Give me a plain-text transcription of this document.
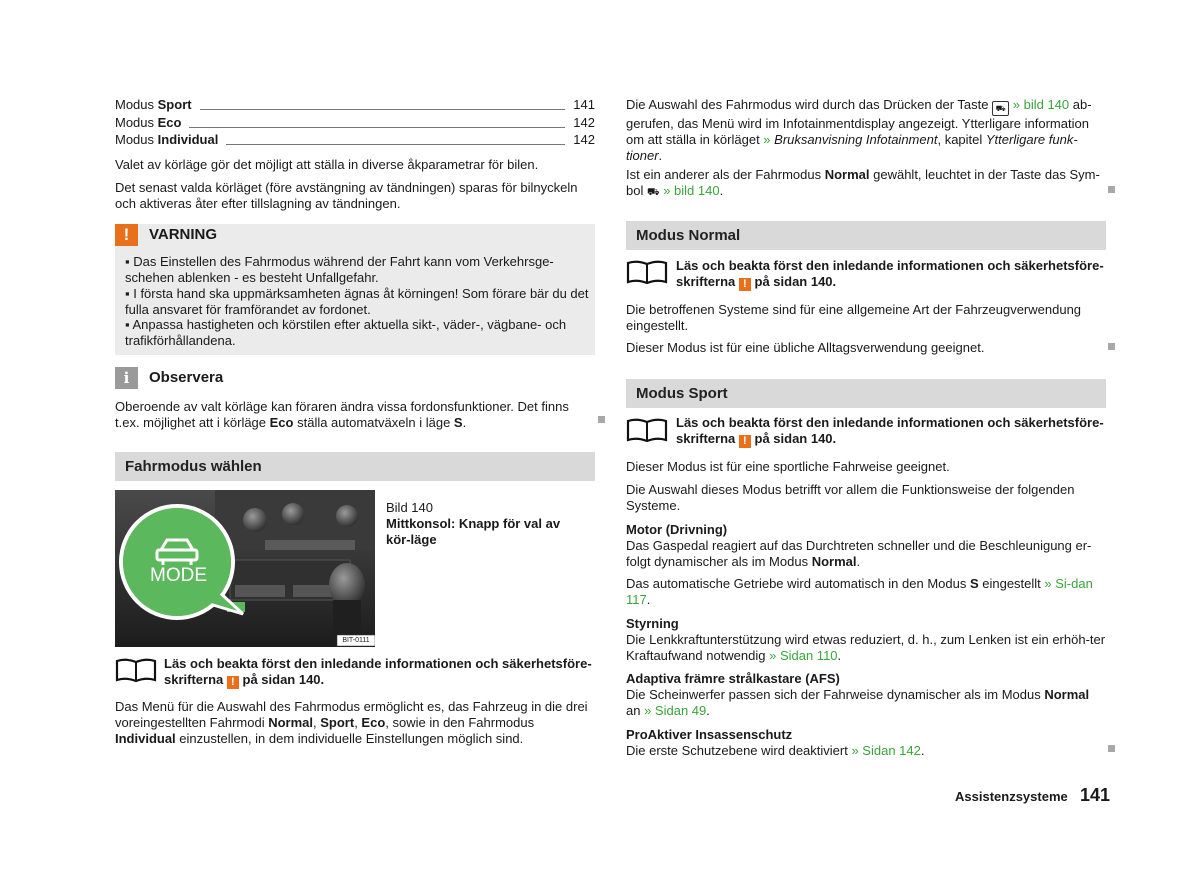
Modus Sport	141
Modus Eco	142
Modus Individual	142

Valet av körläge gör det möjligt att ställa in diverse åkparametrar för bilen.

Det senast valda körläget (före avstängning av tändningen) sparas för bilnyckeln och aktiveras åter efter tillslagning av tändningen.

!	VARNING
▪ Das Einstellen des Fahrmodus während der Fahrt kann vom Verkehrsge-
schehen ablenken - es besteht Unfallgefahr.
▪ I första hand ska uppmärksamheten ägnas åt körningen! Som förare bär du det fulla ansvaret för framförandet av fordonet.
▪ Anpassa hastigheten och körstilen efter aktuella sikt-, väder-, vägbane- och trafikförhållandena.
i	Observera

Oberoende av valt körläge kan föraren ändra vissa fordonsfunktioner. Det finns t.ex. möjlighet att i körläge Eco ställa automatväxeln i läge S.

Fahrmodus wählen
MODE
BIT-0111
Bild 140
Mittkonsol: Knapp för val av kör-läge
Läs och beakta först den inledande informationen och säkerhetsföre-
skrifterna ! på sidan 140.

Das Menü für die Auswahl des Fahrmodus ermöglicht es, das Fahrzeug in die drei voreingestellten Fahrmodi Normal, Sport, Eco, sowie in den Fahrmodus Individual einzustellen, in dem individuelle Einstellungen möglich sind.

Die Auswahl des Fahrmodus wird durch das Drücken der Taste ⛟ » bild 140 ab-gerufen, das Menü wird im Infotainmentdisplay angezeigt. Ytterligare information om att ställa in körläget » Bruksanvisning Infotainment, kapitel Ytterligare funk-tioner.

Ist ein anderer als der Fahrmodus Normal gewählt, leuchtet in der Taste das Sym-bol ⛟ » bild 140.

Modus Normal
Läs och beakta först den inledande informationen och säkerhetsföre-
skrifterna ! på sidan 140.

Die betroffenen Systeme sind für eine allgemeine Art der Fahrzeugverwendung eingestellt.

Dieser Modus ist für eine übliche Alltagsverwendung geeignet.

Modus Sport
Läs och beakta först den inledande informationen och säkerhetsföre-
skrifterna ! på sidan 140.

Dieser Modus ist für eine sportliche Fahrweise geeignet.

Die Auswahl dieses Modus betrifft vor allem die Funktionsweise der folgenden Systeme.

Motor (Drivning)

Das Gaspedal reagiert auf das Durchtreten schneller und die Beschleunigung er-folgt dynamischer als im Modus Normal.

Das automatische Getriebe wird automatisch in den Modus S eingestellt » Si-dan 117.

Styrning

Die Lenkkraftunterstützung wird etwas reduziert, d. h., zum Lenken ist ein erhöh-ter Kraftaufwand notwendig » Sidan 110.

Adaptiva främre strålkastare (AFS)

Die Scheinwerfer passen sich der Fahrweise dynamischer als im Modus Normal an » Sidan 49.

ProAktiver Insassenschutz

Die erste Schutzebene wird deaktiviert » Sidan 142.

Assistenzsysteme 141
